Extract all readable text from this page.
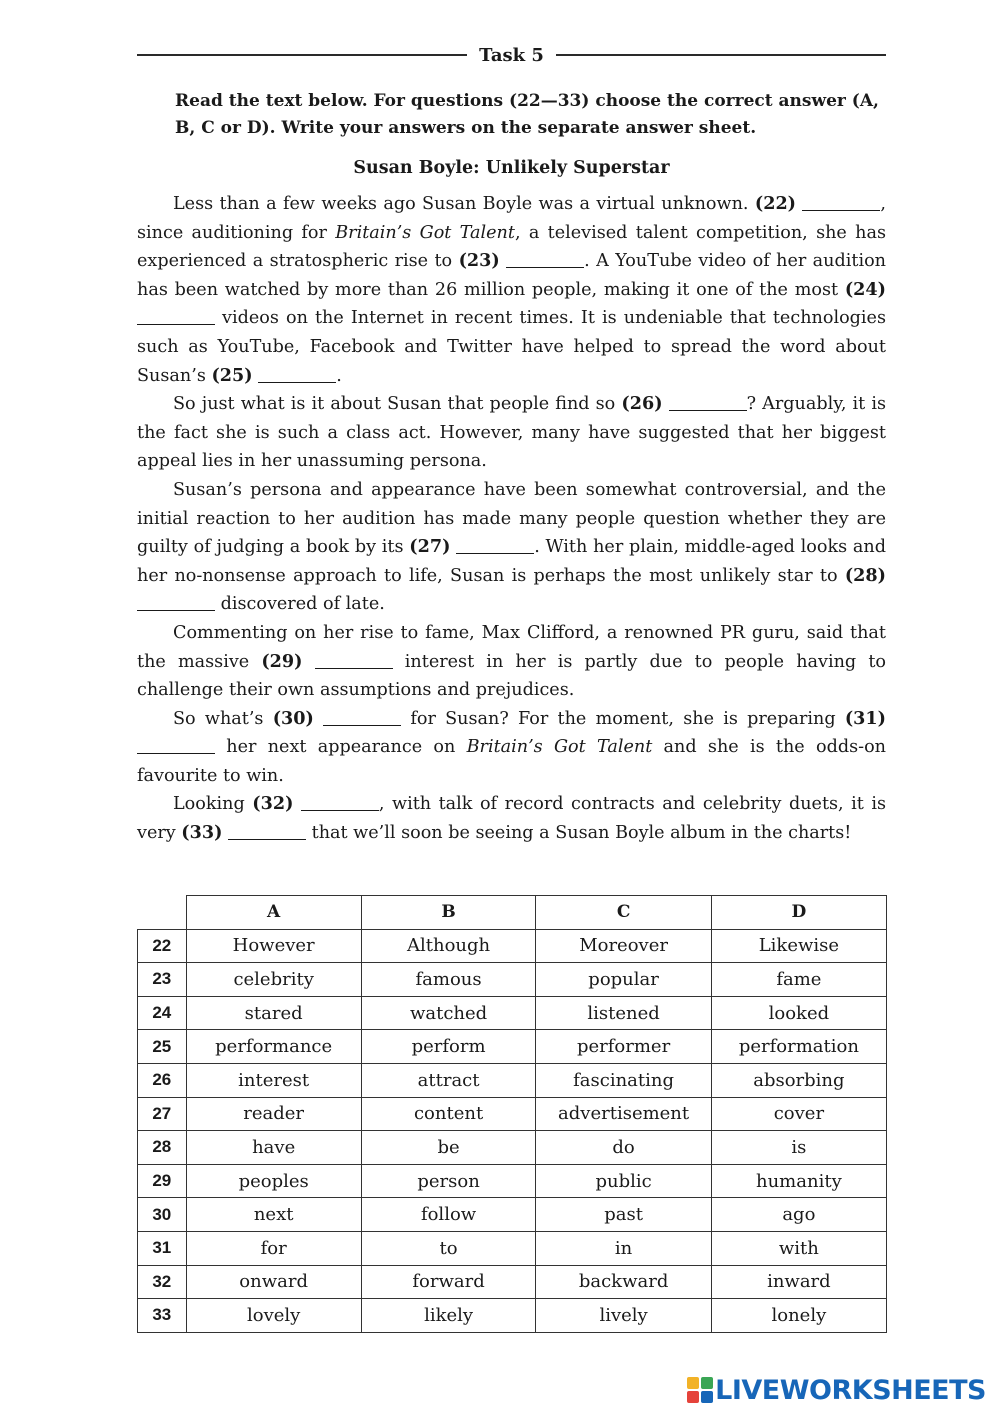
Task 5
Read the text below. For questions (22—33) choose the correct answer (A, B, C or D). Write your answers on the separate answer sheet.
Susan Boyle: Unlikely Superstar

Less than a few weeks ago Susan Boyle was a virtual unknown. (22)	, since auditioning for Britain’s Got Talent, a televised talent competition, she has experienced a stratospheric rise to (23)	. A YouTube video of her audition has been watched by more than 26 million people, making it one of the most (24)  videos on the Internet in recent times. It is undeniable that technologies such as YouTube, Facebook and Twitter have helped to spread the word about Susan’s (25)	.

So just what is it about Susan that people find so (26)	? Arguably, it is the fact she is such a class act. However, many have suggested that her biggest appeal lies in her unassuming persona.

Susan’s persona and appearance have been somewhat controversial, and the initial reaction to her audition has made many people question whether they are guilty of judging a book by its (27)	. With her plain, middle-aged looks and her no-nonsense approach to life, Susan is perhaps the most unlikely star to (28)  discovered of late.

Commenting on her rise to fame, Max Clifford, a renowned PR guru, said that the massive (29)	interest in her is partly due to people having to challenge their own assumptions and prejudices.

So what’s (30)	for Susan? For the moment, she is preparing (31)  her next appearance on Britain’s Got Talent and she is the odds-on favourite to win.

Looking (32)	, with talk of record contracts and celebrity duets, it is very (33)	that we’ll soon be seeing a Susan Boyle album in the charts!

	A	B	C	D
22	However	Although	Moreover	Likewise
23	celebrity	famous	popular	fame
24	stared	watched	listened	looked
25	performance	perform	performer	performation
26	interest	attract	fascinating	absorbing
27	reader	content	advertisement	cover
28	have	be	do	is
29	peoples	person	public	humanity
30	next	follow	past	ago
31	for	to	in	with
32	onward	forward	backward	inward
33	lovely	likely	lively	lonely
LIVEWORKSHEETS
